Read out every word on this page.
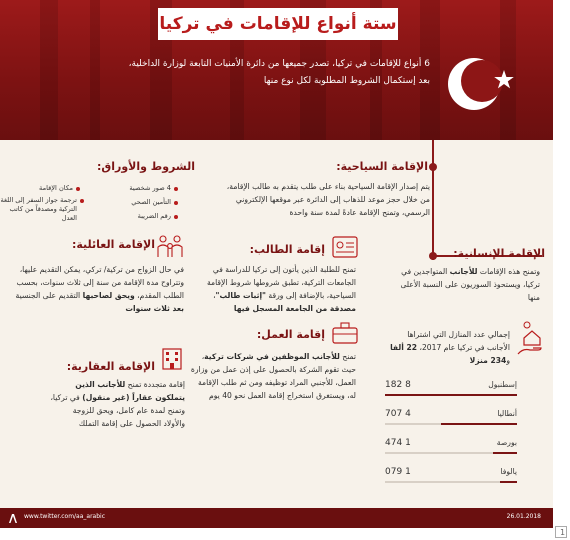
ستة أنواع للإقامات في تركيا
6 أنواع للإقامات في تركيا، تصدر جميعها من دائرة الأمنيات التابعة لوزارة الداخلية، بعد إستكمال الشروط المطلوبة لكل نوع منها
الإقامة السياحية:
يتم إصدار الإقامة السياحية بناء على طلب يتقدم به طالب الإقامة، من خلال حجز موعد للذهاب إلى الدائرة عبر موقعها الإلكتروني الرسمي، وتمنح الإقامة عادةً لمدة سنة واحدة
الشروط والأوراق:
مكان الإقامة	4 صور شخصية
ترجمة جواز السفر إلى اللغة التركية ومصدقاً من كاتب العدل
التأمين الصحي
رقم الضريبة
الإقامة الإنسانية:
وتمنح هذه الإقامات للأجانب المتواجدين في تركيا، ويستحوذ السوريون على النسبة الأعلى منها
إقامة الطالب:
تمنح للطلبة الذين يأتون إلى تركيا للدراسة في الجامعات التركية، تطبق شروطها شروط الإقامة السياحية، بالإضافة إلى ورقة "إثبات طالب"، مصدقة من الجامعة المسجل فيها
الإقامة العائلية:
في حال الزواج من تركية/ تركي، يمكن التقديم عليها، وتتراوح مدة الإقامة من سنة إلى ثلاث سنوات، بحسب الطلب المقدم، ويحق لصاحبها التقديم على الجنسية بعد ثلاث سنوات
إقامة العمل:
تمنح للأجانب الموظفين في شركات تركية، حيث تقوم الشركة بالحصول على إذن عمل من وزارة العمل، للأجنبي المراد توظيفه ومن ثم طلب الإقامة له، ويستغرق استخراج إقامة العمل نحو 40 يوم
الإقامة العقارية:
إقامة متجددة تمنح للأجانب الذين يتملكون عقاراً (غير منقول) في تركيا، وتمنح لمدة عام كامل، ويحق للزوجة والأولاد الحصول على إقامة التملك
إجمالي عدد المنازل التي اشتراها الأجانب في تركيا عام 2017، 22 ألفا و234 منزلا
إسطنبول
8 182
أنطاليا
4 707
بورصة
1 474
يالوفا
1 079
www.twitter.com/aa_arabic	26.01.2018
1
